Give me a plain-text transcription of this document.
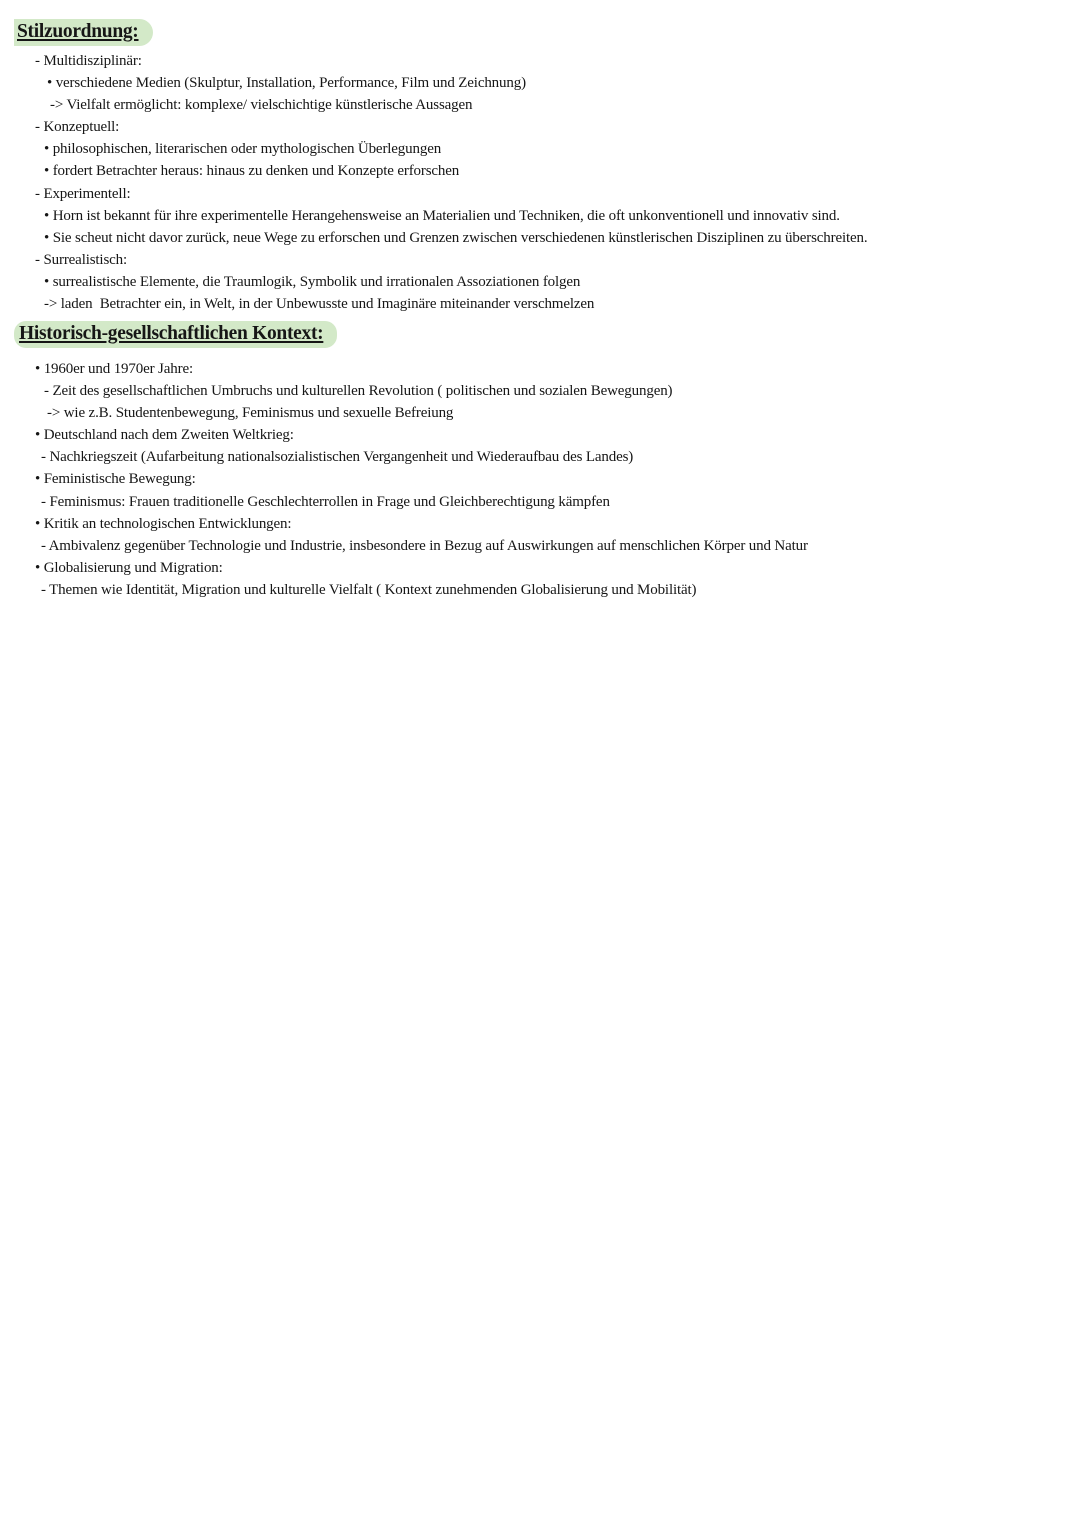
Stilzuordnung:
- Multidisziplinär:
• verschiedene Medien (Skulptur, Installation, Performance, Film und Zeichnung)
-> Vielfalt ermöglicht: komplexe/ vielschichtige künstlerische Aussagen
- Konzeptuell:
• philosophischen, literarischen oder mythologischen Überlegungen
• fordert Betrachter heraus: hinaus zu denken und Konzepte erforschen
- Experimentell:
• Horn ist bekannt für ihre experimentelle Herangehensweise an Materialien und Techniken, die oft unkonventionell und innovativ sind.
• Sie scheut nicht davor zurück, neue Wege zu erforschen und Grenzen zwischen verschiedenen künstlerischen Disziplinen zu überschreiten.
- Surrealistisch:
• surrealistische Elemente, die Traumlogik, Symbolik und irrationalen Assoziationen folgen
-> laden  Betrachter ein, in Welt, in der Unbewusste und Imaginäre miteinander verschmelzen
Historisch-gesellschaftlichen Kontext:
• 1960er und 1970er Jahre:
- Zeit des gesellschaftlichen Umbruchs und kulturellen Revolution ( politischen und sozialen Bewegungen)
-> wie z.B. Studentenbewegung, Feminismus und sexuelle Befreiung
• Deutschland nach dem Zweiten Weltkrieg:
- Nachkriegszeit (Aufarbeitung nationalsozialistischen Vergangenheit und Wiederaufbau des Landes)
• Feministische Bewegung:
- Feminismus: Frauen traditionelle Geschlechterrollen in Frage und Gleichberechtigung kämpfen
• Kritik an technologischen Entwicklungen:
- Ambivalenz gegenüber Technologie und Industrie, insbesondere in Bezug auf Auswirkungen auf menschlichen Körper und Natur
• Globalisierung und Migration:
- Themen wie Identität, Migration und kulturelle Vielfalt ( Kontext zunehmenden Globalisierung und Mobilität)
